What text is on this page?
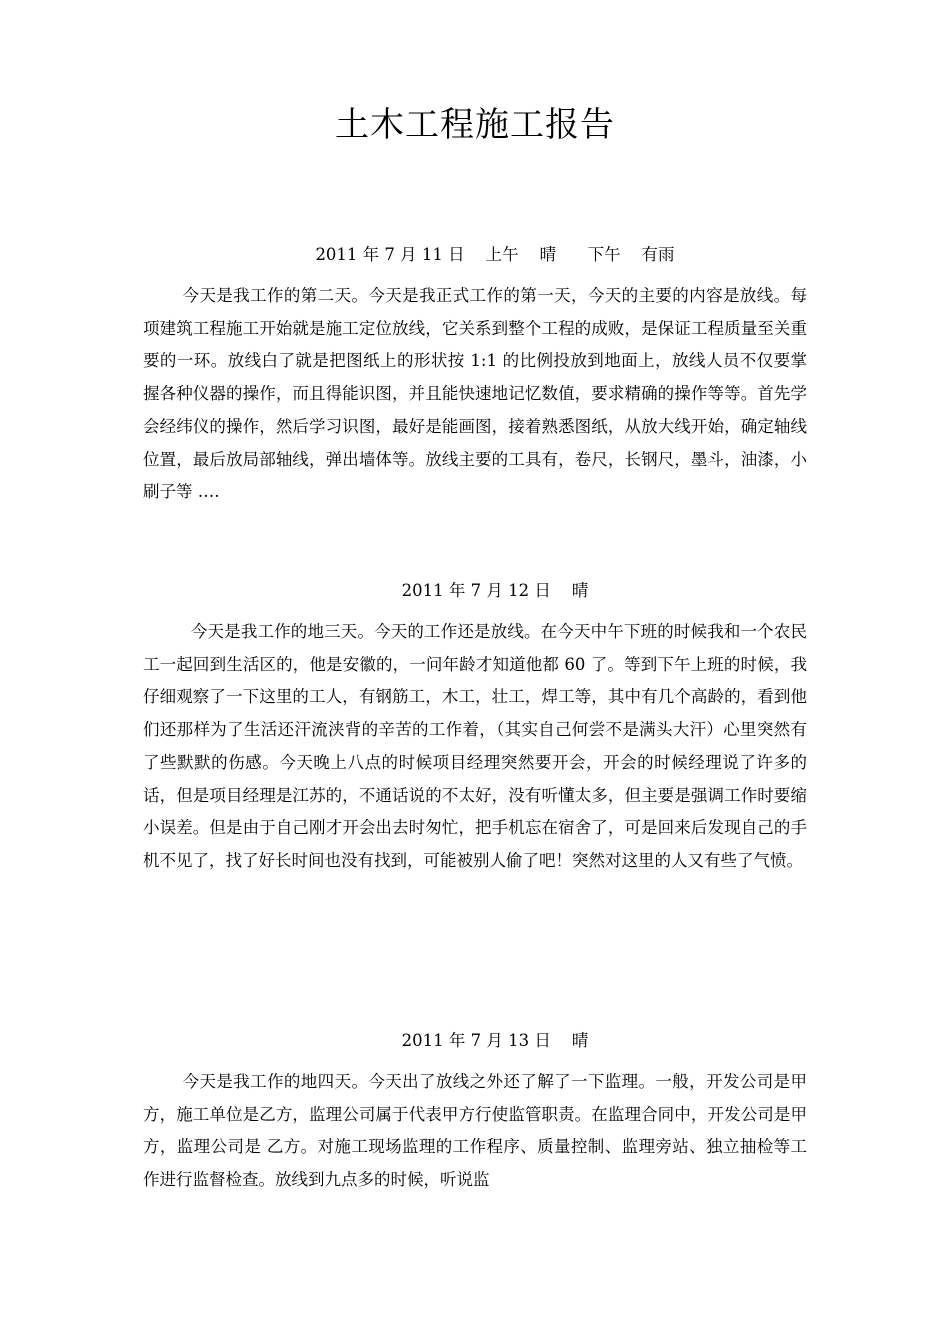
土木工程施工报告
2011 年 7 月 11 日    上午    晴      下午    有雨
今天是我工作的第二天。今天是我正式工作的第一天，今天的主要的内容是放线。每项建筑工程施工开始就是施工定位放线，它关系到整个工程的成败，是保证工程质量至关重要的一环。放线白了就是把图纸上的形状按 1:1 的比例投放到地面上，放线人员不仅要掌握各种仪器的操作，而且得能识图，并且能快速地记忆数值，要求精确的操作等等。首先学会经纬仪的操作，然后学习识图，最好是能画图，接着熟悉图纸，从放大线开始，确定轴线位置，最后放局部轴线，弹出墙体等。放线主要的工具有，卷尺，长钢尺，墨斗，油漆，小刷子等 ….
2011 年 7 月 12 日    晴
今天是我工作的地三天。今天的工作还是放线。在今天中午下班的时候我和一个农民工一起回到生活区的，他是安徽的，一问年龄才知道他都 60 了。等到下午上班的时候，我仔细观察了一下这里的工人，有钢筋工，木工，壮工，焊工等，其中有几个高龄的，看到他们还那样为了生活还汗流浃背的辛苦的工作着，（其实自己何尝不是满头大汗）心里突然有了些默默的伤感。今天晚上八点的时候项目经理突然要开会，开会的时候经理说了许多的话，但是项目经理是江苏的，不通话说的不太好，没有听懂太多，但主要是强调工作时要缩小误差。但是由于自己刚才开会出去时匆忙，把手机忘在宿舍了，可是回来后发现自己的手机不见了，找了好长时间也没有找到，可能被别人偷了吧！突然对这里的人又有些了气愤。
2011 年 7 月 13 日    晴
今天是我工作的地四天。今天出了放线之外还了解了一下监理。一般，开发公司是甲方，施工单位是乙方，监理公司属于代表甲方行使监管职责。在监理合同中，开发公司是甲方，监理公司是 乙方。对施工现场监理的工作程序、质量控制、监理旁站、独立抽检等工作进行监督检查。放线到九点多的时候，听说监
